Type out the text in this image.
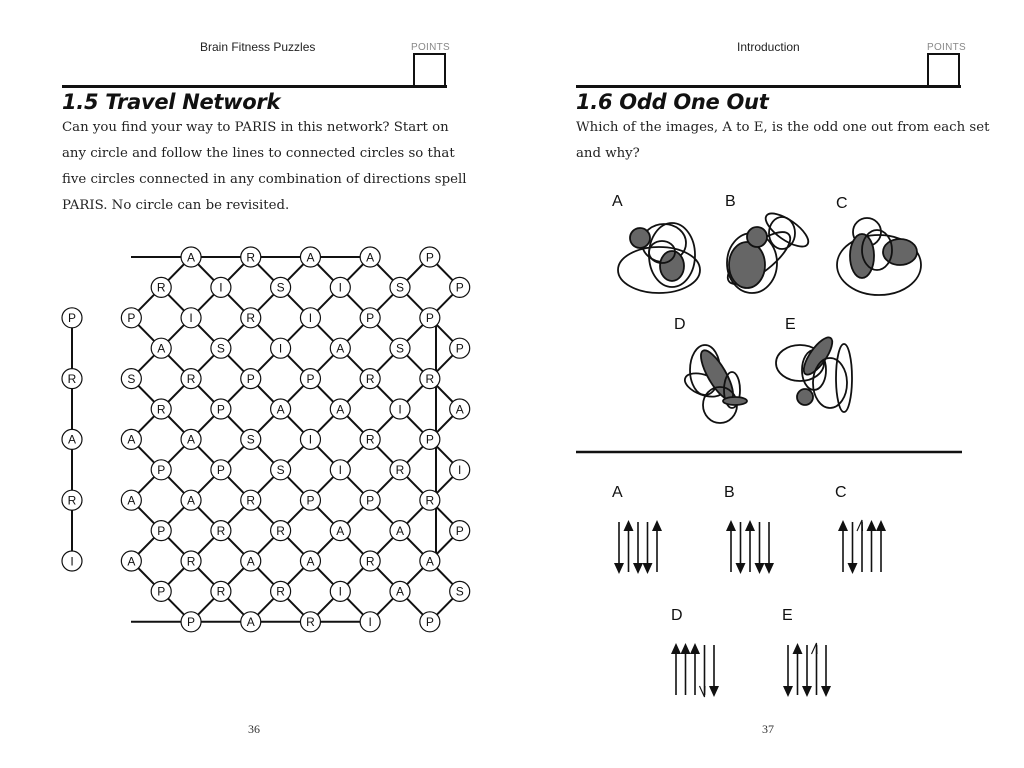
Brain Fitness Puzzles	POINTS
1.5 Travel Network

Can you find your way to PARIS in this network? Start on
any circle and follow the lines to connected circles so that
five circles connected in any combination of directions spell
PARIS. No circle can be revisited.

A	R	A	A	P
R	I	S	I	S	P
P	P	I	R	I	P	P
A	S	I	A	S	P
R	S	R	P	P	R	R
R	P	A	A	I	A
A	A	A	S	I	R	P
P	P	S	I	R	I
R	A	A	R	P	P	R
P	R	R	A	A	P
I	A	R	A	A	R	A
P	R	R	I	A	S
P	A	R	I	P
36
Introduction	POINTS
1.6 Odd One Out

Which of the images, A to E, is the odd one out from each set
and why?

A	B	C
D	E
A	B	C
D	E
37
